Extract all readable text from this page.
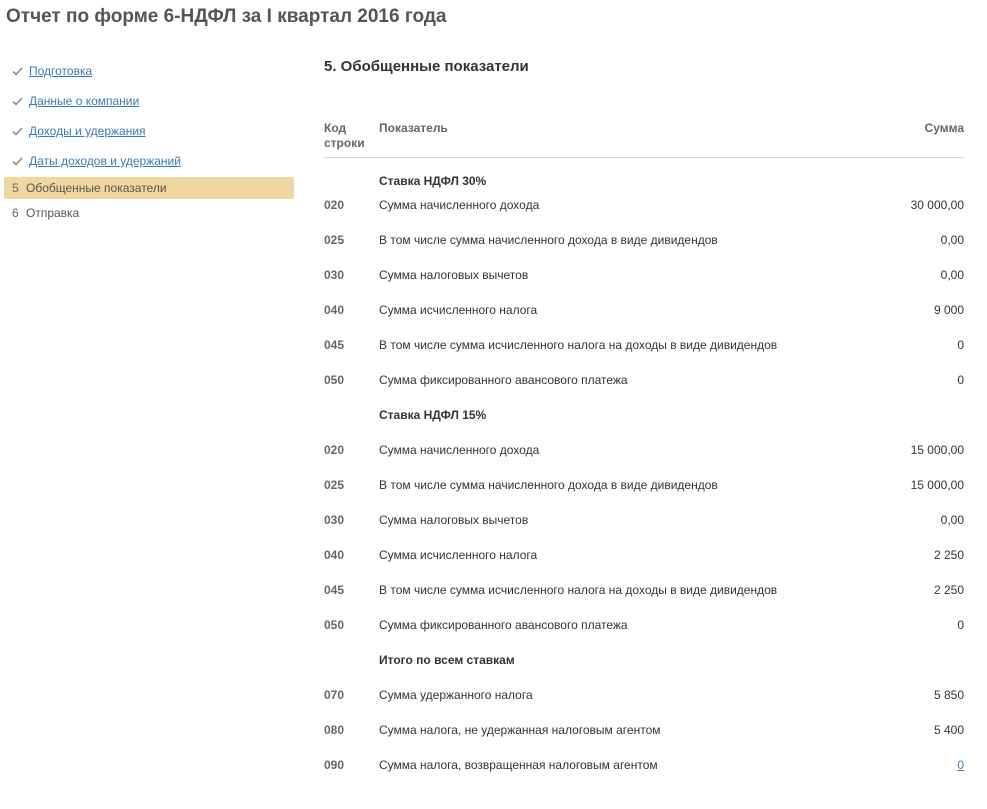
Отчет по форме 6-НДФЛ за I квартал 2016 года
Подготовка
Данные о компании
Доходы и удержания
Даты доходов и удержаний
5 Обобщенные показатели
6 Отправка
5. Обобщенные показатели
Код
строки
Показатель	Сумма
Ставка НДФЛ 30%
020	Сумма начисленного дохода	30 000,00
025	В том числе сумма начисленного дохода в виде дивидендов	0,00
030	Сумма налоговых вычетов	0,00
040	Сумма исчисленного налога	9 000
045	В том числе сумма исчисленного налога на доходы в виде дивидендов	0
050	Сумма фиксированного авансового платежа	0
Ставка НДФЛ 15%
020	Сумма начисленного дохода	15 000,00
025	В том числе сумма начисленного дохода в виде дивидендов	15 000,00
030	Сумма налоговых вычетов	0,00
040	Сумма исчисленного налога	2 250
045	В том числе сумма исчисленного налога на доходы в виде дивидендов	2 250
050	Сумма фиксированного авансового платежа	0
Итого по всем ставкам
070	Сумма удержанного налога	5 850
080	Сумма налога, не удержанная налоговым агентом	5 400
090	Сумма налога, возвращенная налоговым агентом	0
